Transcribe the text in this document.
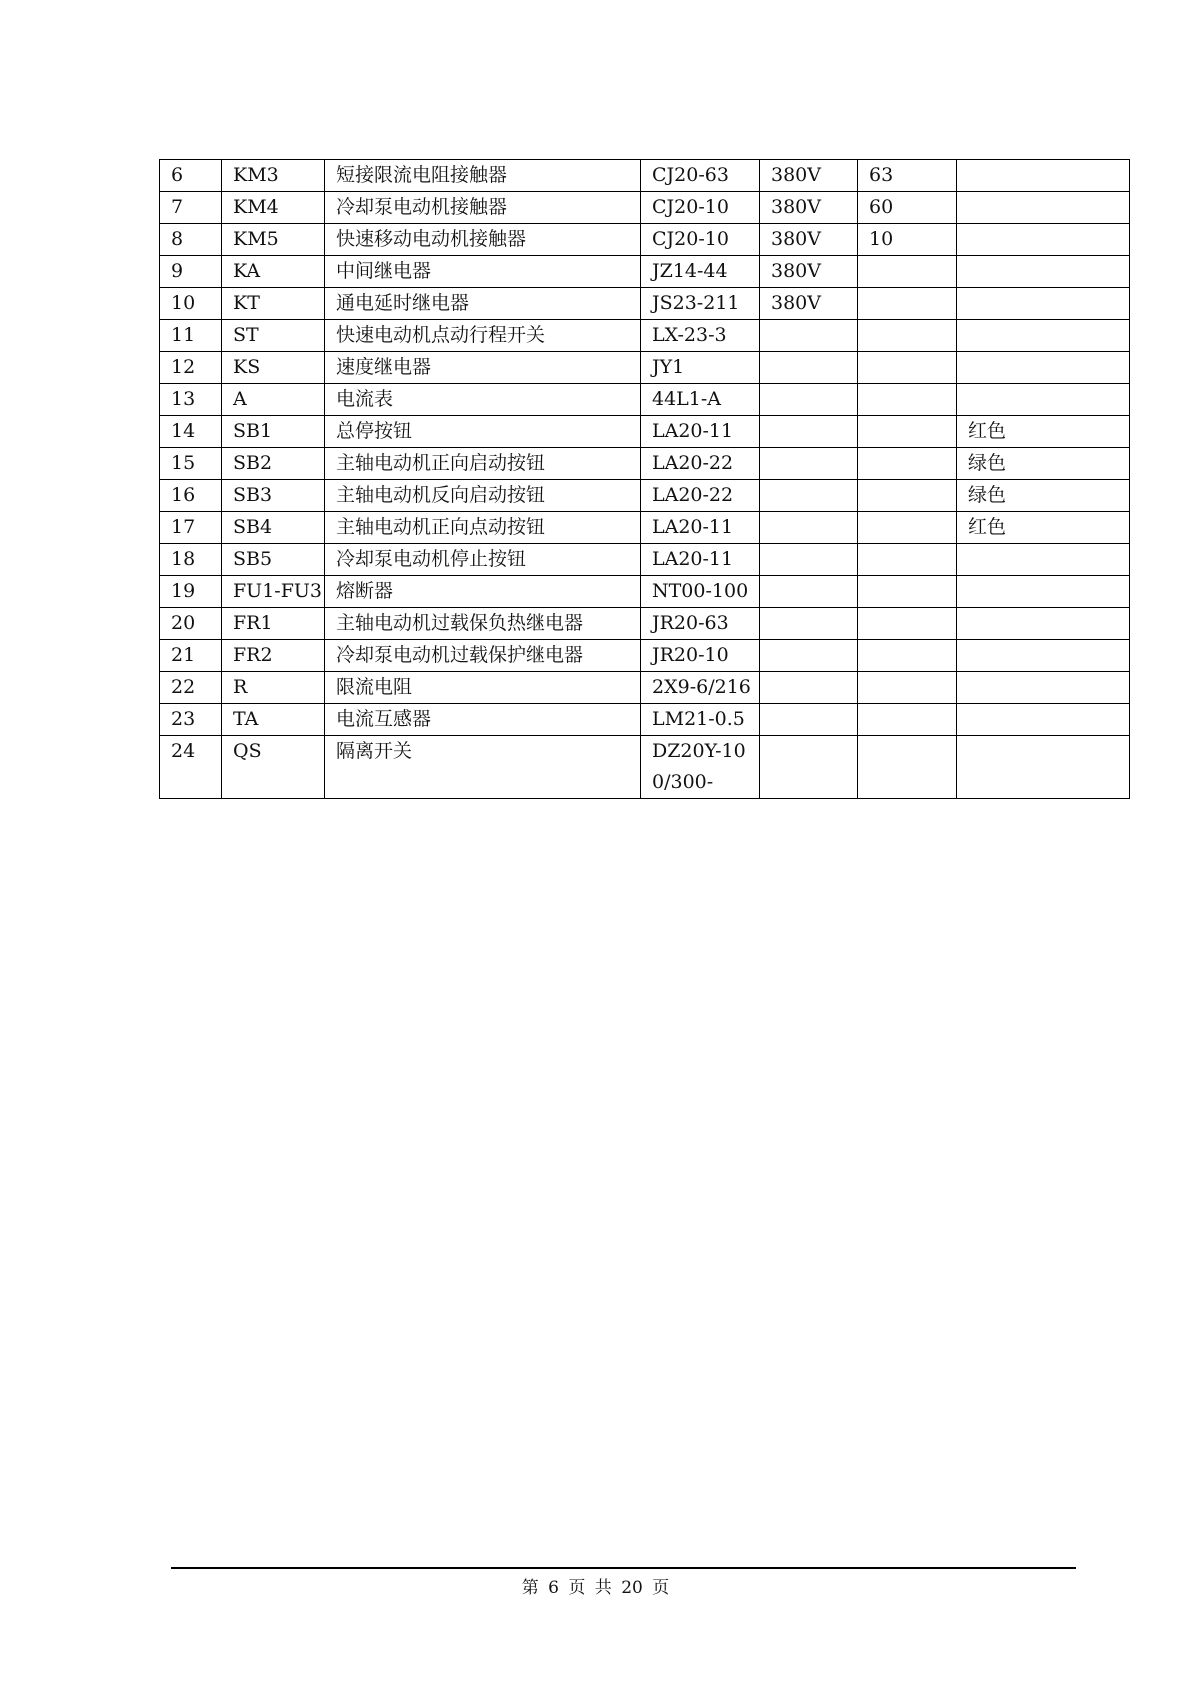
6	KM3	短接限流电阻接触器	CJ20-63	380V	63	
7	KM4	冷却泵电动机接触器	CJ20-10	380V	60	
8	KM5	快速移动电动机接触器	CJ20-10	380V	10	
9	KA	中间继电器	JZ14-44	380V		
10	KT	通电延时继电器	JS23-211	380V		
11	ST	快速电动机点动行程开关	LX-23-3			
12	KS	速度继电器	JY1			
13	A	电流表	44L1-A			
14	SB1	总停按钮	LA20-11			红色
15	SB2	主轴电动机正向启动按钮	LA20-22			绿色
16	SB3	主轴电动机反向启动按钮	LA20-22			绿色
17	SB4	主轴电动机正向点动按钮	LA20-11			红色
18	SB5	冷却泵电动机停止按钮	LA20-11			
19	FU1-FU3	熔断器	NT00-100			
20	FR1	主轴电动机过载保负热继电器	JR20-63			
21	FR2	冷却泵电动机过载保护继电器	JR20-10			
22	R	限流电阻	2X9-6/216			
23	TA	电流互感器	LM21-0.5			
24	QS	隔离开关	DZ20Y-100/300-			
第 6 页 共 20 页
